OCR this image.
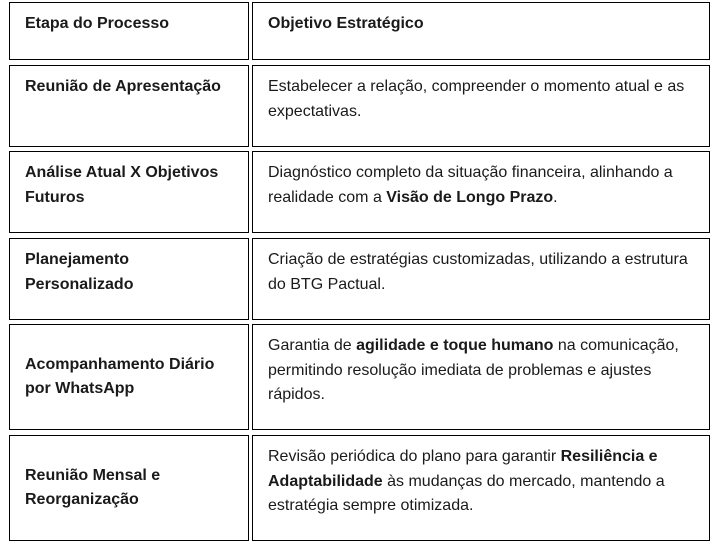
Etapa do Processo	Objetivo Estratégico
Reunião de Apresentação	Estabelecer a relação, compreender o momento atual e as expectativas.
Análise Atual X Objetivos Futuros
Diagnóstico completo da situação financeira, alinhando a realidade com a Visão de Longo Prazo.
Planejamento Personalizado
Criação de estratégias customizadas, utilizando a estrutura do BTG Pactual.
Acompanhamento Diário por WhatsApp
Garantia de agilidade e toque humano na comunicação, permitindo resolução imediata de problemas e ajustes rápidos.
Reunião Mensal e Reorganização
Revisão periódica do plano para garantir Resiliência e Adaptabilidade às mudanças do mercado, mantendo a estratégia sempre otimizada.
